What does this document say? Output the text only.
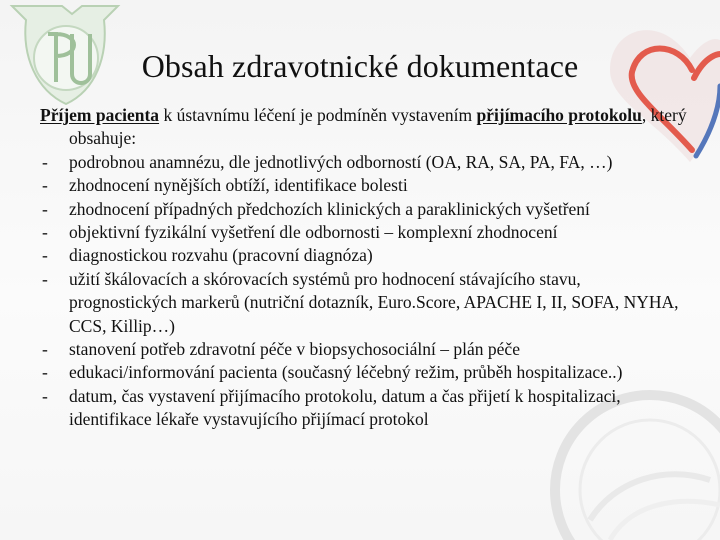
Obsah zdravotnické dokumentace
Příjem pacienta k ústavnímu léčení je podmíněn vystavením přijímacího protokolu, který obsahuje:
- podrobnou anamnézu, dle jednotlivých odborností (OA, RA, SA, PA, FA, …)
- zhodnocení nynějších obtíží, identifikace bolesti
- zhodnocení případných předchozích klinických a paraklinických vyšetření
- objektivní fyzikální vyšetření dle odbornosti – komplexní zhodnocení
- diagnostickou rozvahu (pracovní diagnóza)
- užití škálovacích a skórovacích systémů pro hodnocení stávajícího stavu, prognostických markerů (nutriční dotazník, Euro.Score, APACHE I, II, SOFA, NYHA, CCS, Killip…)
- stanovení potřeb zdravotní péče v biopsychosociální – plán péče
- edukaci/informování pacienta (současný léčebný režim, průběh hospitalizace..)
- datum, čas vystavení přijímacího protokolu, datum a čas přijetí k hospitalizaci, identifikace lékaře vystavujícího přijímací protokol
